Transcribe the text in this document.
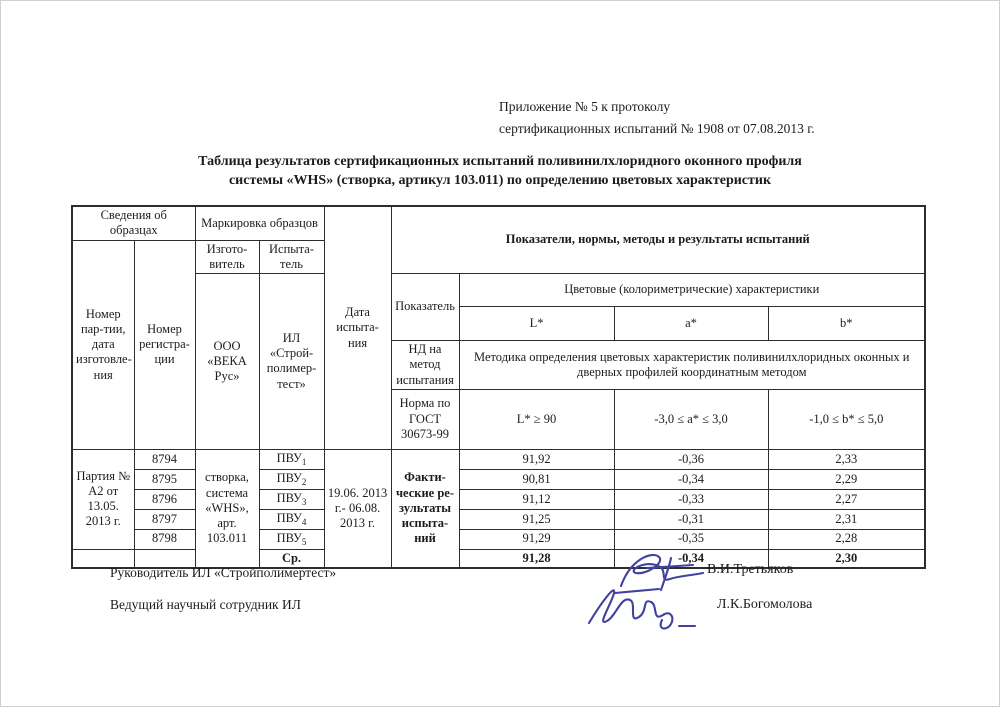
Приложение № 5 к протоколу
сертификационных испытаний № 1908 от 07.08.2013 г.
Таблица результатов сертификационных испытаний поливинилхлоридного оконного профиля
системы «WHS» (створка, артикул 103.011) по определению цветовых характеристик
Сведения об образцах		Маркировка образцов		Дата испыта- ния	Показатели, нормы, методы и результаты испытаний			
Номер пар-тии, дата изготовле-ния	Номер регистра-ции	Изгото- витель	Испыта- тель					
		ООО «ВЕКА Рус»	ИЛ «Строй- полимер- тест»		Показатель	Цветовые (колориметрические) характеристики		
						L*	a*	b*
					НД на метод испытания	Методика определения цветовых характеристик поливинилхлоридных оконных и дверных профилей координатным методом		
					Норма по ГОСТ 30673-99	L* ≥ 90	-3,0 ≤ a* ≤ 3,0	-1,0 ≤ b* ≤ 5,0
Партия № А2 от 13.05. 2013 г.	8794	створка, система «WHS», арт. 103.011	$ПВУ_1$	19.06. 2013 г.- 06.08. 2013 г.	Факти-ческие ре-зультаты испыта-ний	91,92	-0,36	2,33
	8795		$ПВУ_2$			90,81	-0,34	2,29
	8796		$ПВУ_3$			91,12	-0,33	2,27
	8797		$ПВУ_4$			91,25	-0,31	2,31
	8798		$ПВУ_5$			91,29	-0,35	2,28
			Ср.			91,28	-0,34	2,30
Руководитель ИЛ «Стройполимертест»
Ведущий научный сотрудник ИЛ
В.И.Третьяков
Л.К.Богомолова
